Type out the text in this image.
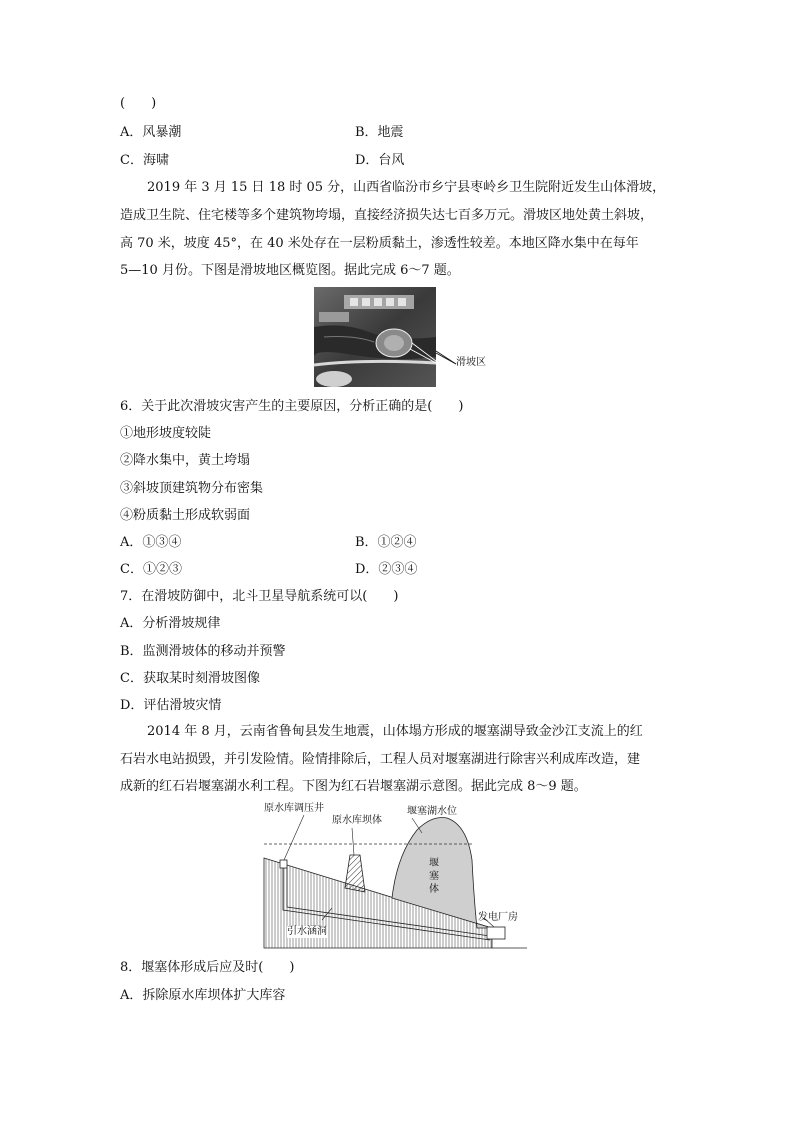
(　　)
A．风暴潮	B．地震
C．海啸	D．台风
2019 年 3 月 15 日 18 时 05 分，山西省临汾市乡宁县枣岭乡卫生院附近发生山体滑坡，
造成卫生院、住宅楼等多个建筑物垮塌，直接经济损失达七百多万元。滑坡区地处黄土斜坡，
高 70 米，坡度 45°，在 40 米处存在一层粉质黏土，渗透性较差。本地区降水集中在每年
5—10 月份。下图是滑坡地区概览图。据此完成 6～7 题。
滑坡区
6．关于此次滑坡灾害产生的主要原因，分析正确的是(　　)
①地形坡度较陡
②降水集中，黄土垮塌
③斜坡顶建筑物分布密集
④粉质黏土形成软弱面
A．①③④	B．①②④
C．①②③	D．②③④
7．在滑坡防御中，北斗卫星导航系统可以(　　)
A．分析滑坡规律
B．监测滑坡体的移动并预警
C．获取某时刻滑坡图像
D．评估滑坡灾情
2014 年 8 月，云南省鲁甸县发生地震，山体塌方形成的堰塞湖导致金沙江支流上的红
石岩水电站损毁，并引发险情。险情排除后，工程人员对堰塞湖进行除害兴利成库改造，建
成新的红石岩堰塞湖水利工程。下图为红石岩堰塞湖示意图。据此完成 8～9 题。
原水库调压井
原水库坝体
堰塞湖水位
堰塞体
引水涵洞
发电厂房
8．堰塞体形成后应及时(　　)
A．拆除原水库坝体扩大库容
